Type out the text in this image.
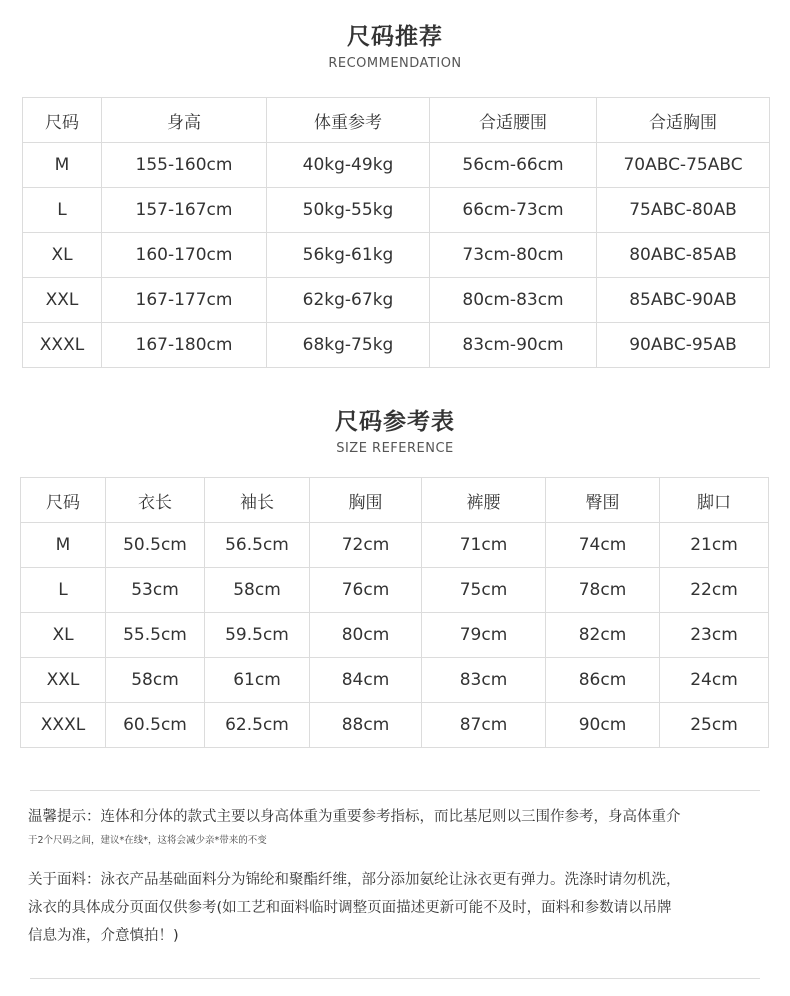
尺码推荐
RECOMMENDATION
尺码	身高	体重参考	合适腰围	合适胸围
M	155-160cm	40kg-49kg	56cm-66cm	70ABC-75ABC
L	157-167cm	50kg-55kg	66cm-73cm	75ABC-80AB
XL	160-170cm	56kg-61kg	73cm-80cm	80ABC-85AB
XXL	167-177cm	62kg-67kg	80cm-83cm	85ABC-90AB
XXXL	167-180cm	68kg-75kg	83cm-90cm	90ABC-95AB
尺码参考表
SIZE REFERENCE
尺码	衣长	袖长	胸围	裤腰	臀围	脚口
M	50.5cm	56.5cm	72cm	71cm	74cm	21cm
L	53cm	58cm	76cm	75cm	78cm	22cm
XL	55.5cm	59.5cm	80cm	79cm	82cm	23cm
XXL	58cm	61cm	84cm	83cm	86cm	24cm
XXXL	60.5cm	62.5cm	88cm	87cm	90cm	25cm
温馨提示：连体和分体的款式主要以身高体重为重要参考指标，而比基尼则以三围作参考，身高体重介
于2个尺码之间，建议*在线*，这将会减少亲*带来的不变
关于面料：泳衣产品基础面料分为锦纶和聚酯纤维，部分添加氨纶让泳衣更有弹力。洗涤时请勿机洗，
泳衣的具体成分页面仅供参考(如工艺和面料临时调整页面描述更新可能不及时，面料和参数请以吊牌
信息为准，介意慎拍！)
